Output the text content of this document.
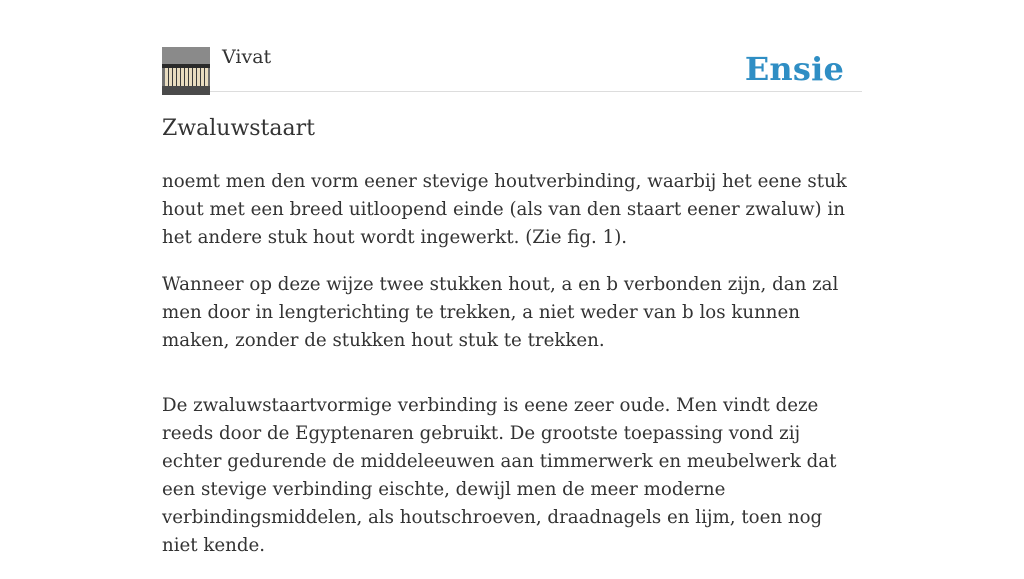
Vivat	Ensie
Zwaluwstaart

noemt men den vorm eener stevige houtverbinding, waarbij het eene stuk hout met een breed uitloopend einde (als van den staart eener zwaluw) in het andere stuk hout wordt ingewerkt. (Zie fig. 1).

Wanneer op deze wijze twee stukken hout, a en b verbonden zijn, dan zal men door in lengterichting te trekken, a niet weder van b los kunnen maken, zonder de stukken hout stuk te trekken.

De zwaluwstaartvormige verbinding is eene zeer oude. Men vindt deze reeds door de Egyptenaren gebruikt. De grootste toepassing vond zij echter gedurende de middeleeuwen aan timmerwerk en meubelwerk dat een stevige verbinding eischte, dewijl men de meer moderne verbindingsmiddelen, als houtschroeven, draadnagels en lijm, toen nog niet kende.
